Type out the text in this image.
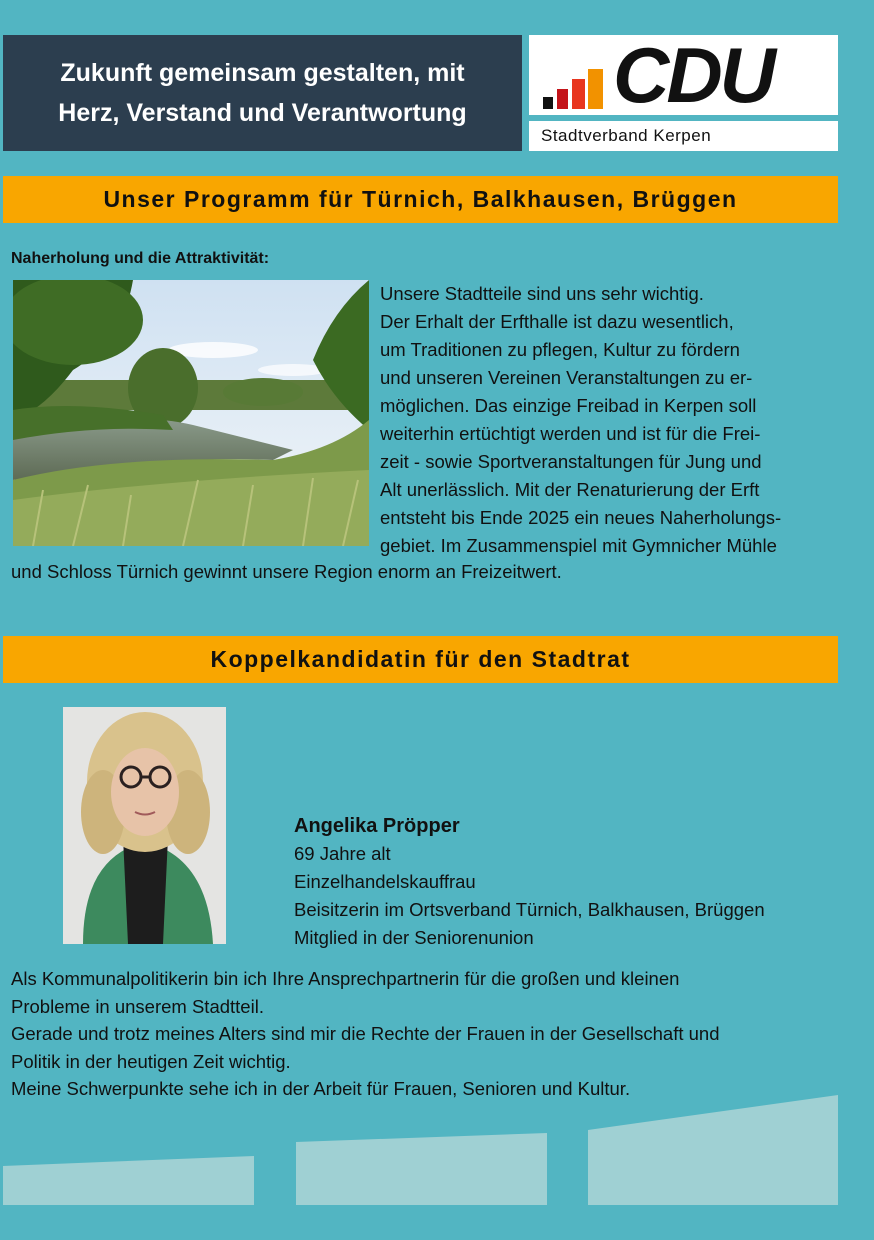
Zukunft gemeinsam gestalten, mit
Herz, Verstand und Verantwortung	CDU
Stadtverband Kerpen
Unser Programm für Türnich, Balkhausen, Brüggen
Naherholung und die Attraktivität:
Unsere Stadtteile sind uns sehr wichtig.
Der Erhalt der Erfthalle ist dazu wesentlich,
um Traditionen zu pflegen, Kultur zu fördern
und unseren Vereinen Veranstaltungen zu er-
möglichen. Das einzige Freibad in Kerpen soll
weiterhin ertüchtigt werden und ist für die Frei-
zeit - sowie Sportveranstaltungen für Jung und
Alt unerlässlich. Mit der Renaturierung der Erft
entsteht bis Ende 2025 ein neues Naherholungs-
gebiet. Im Zusammenspiel mit Gymnicher Mühle
und Schloss Türnich gewinnt unsere Region enorm an Freizeitwert.
Koppelkandidatin für den Stadtrat
Angelika Pröpper
69 Jahre alt
Einzelhandelskauffrau
Beisitzerin im Ortsverband Türnich, Balkhausen, Brüggen
Mitglied in der Seniorenunion
Als Kommunalpolitikerin bin ich Ihre Ansprechpartnerin für die großen und kleinen
Probleme in unserem Stadtteil.
Gerade und trotz meines Alters sind mir die Rechte der Frauen in der Gesellschaft und
Politik in der heutigen Zeit wichtig.
Meine Schwerpunkte sehe ich in der Arbeit für Frauen, Senioren und Kultur.
